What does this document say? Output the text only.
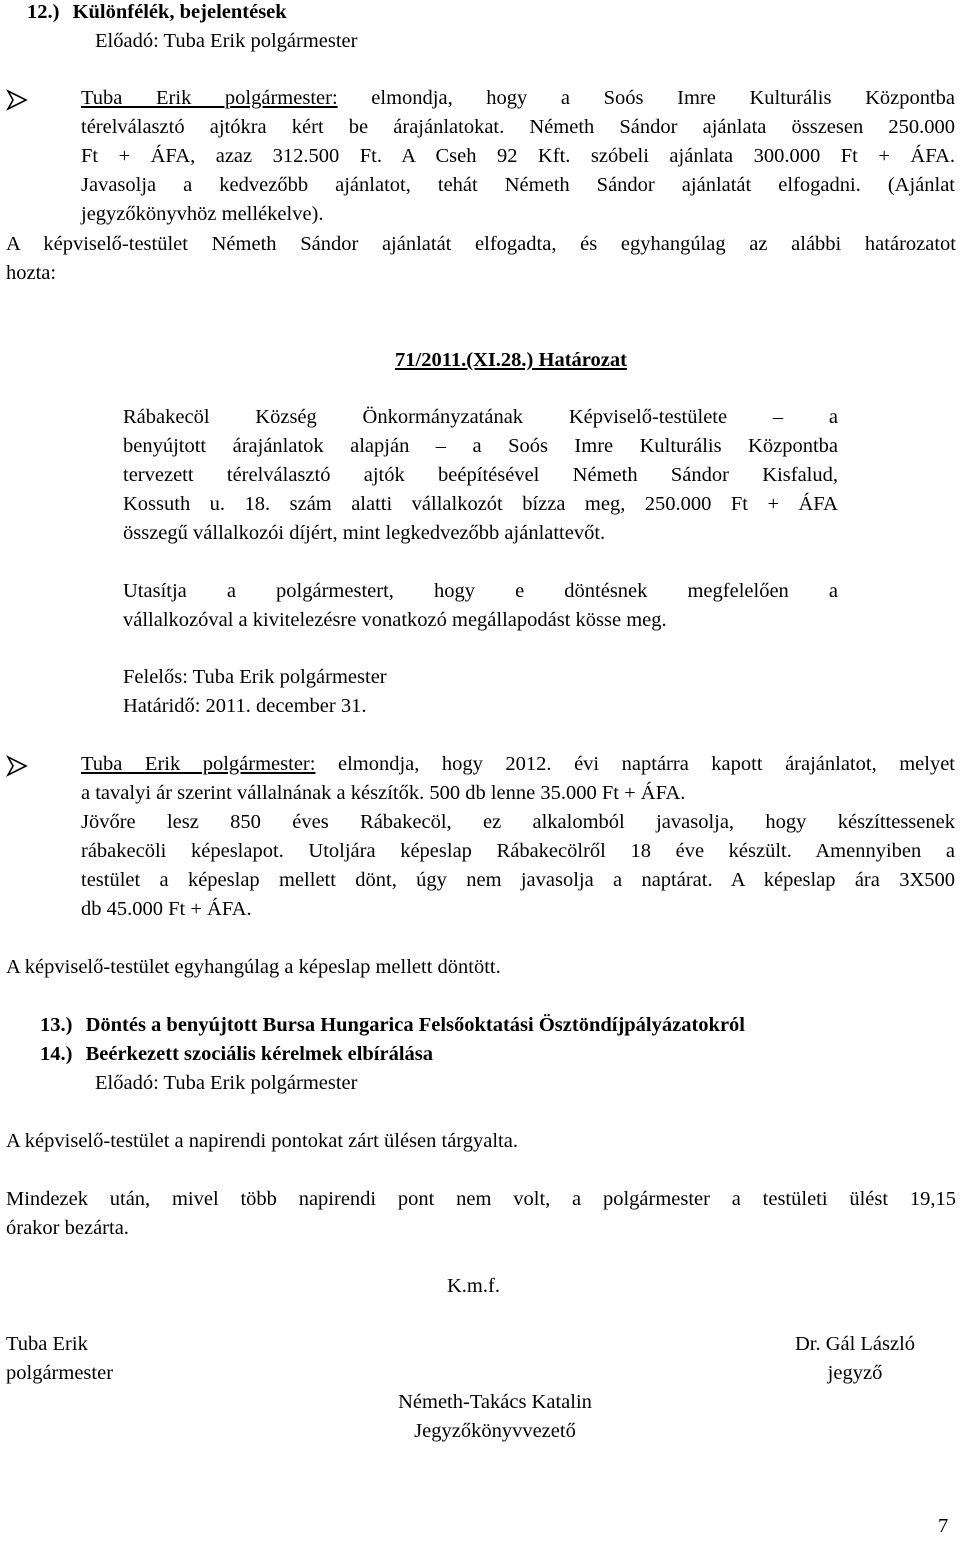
12.) Különfélék, bejelentések
Előadó: Tuba Erik polgármester

Tuba Erik polgármester: elmondja, hogy a Soós Imre Kulturális Központba

térelválasztó ajtókra kért be árajánlatokat. Németh Sándor ajánlata összesen 250.000

Ft + ÁFA, azaz 312.500 Ft. A Cseh 92 Kft. szóbeli ajánlata 300.000 Ft + ÁFA.

Javasolja a kedvezőbb ajánlatot, tehát Németh Sándor ajánlatát elfogadni. (Ajánlat

jegyzőkönyvhöz mellékelve).

A képviselő-testület Németh Sándor ajánlatát elfogadta, és egyhangúlag az alábbi határozatot

hozta:

71/2011.(XI.28.) Határozat

Rábakecöl Község Önkormányzatának Képviselő-testülete – a

benyújtott árajánlatok alapján – a Soós Imre Kulturális Központba

tervezett térelválasztó ajtók beépítésével Németh Sándor Kisfalud,

Kossuth u. 18. szám alatti vállalkozót bízza meg, 250.000 Ft + ÁFA

összegű vállalkozói díjért, mint legkedvezőbb ajánlattevőt.

Utasítja a polgármestert, hogy e döntésnek megfelelően a

vállalkozóval a kivitelezésre vonatkozó megállapodást kösse meg.

Felelős: Tuba Erik polgármester
Határidő: 2011. december 31.

Tuba Erik polgármester: elmondja, hogy 2012. évi naptárra kapott árajánlatot, melyet

a tavalyi ár szerint vállalnának a készítők. 500 db lenne 35.000 Ft + ÁFA.

Jövőre lesz 850 éves Rábakecöl, ez alkalomból javasolja, hogy készíttessenek

rábakecöli képeslapot. Utoljára képeslap Rábakecölről 18 éve készült. Amennyiben a

testület a képeslap mellett dönt, úgy nem javasolja a naptárat. A képeslap ára 3X500

db 45.000 Ft + ÁFA.

A képviselő-testület egyhangúlag a képeslap mellett döntött.
13.) Döntés a benyújtott Bursa Hungarica Felsőoktatási Ösztöndíjpályázatokról
14.) Beérkezett szociális kérelmek elbírálása
Előadó: Tuba Erik polgármester
A képviselő-testület a napirendi pontokat zárt ülésen tárgyalta.

Mindezek után, mivel több napirendi pont nem volt, a polgármester a testületi ülést 19,15

órakor bezárta.

K.m.f.
Tuba Erik
polgármester
Dr. Gál László
jegyző
Németh-Takács Katalin
Jegyzőkönyvvezető
7
